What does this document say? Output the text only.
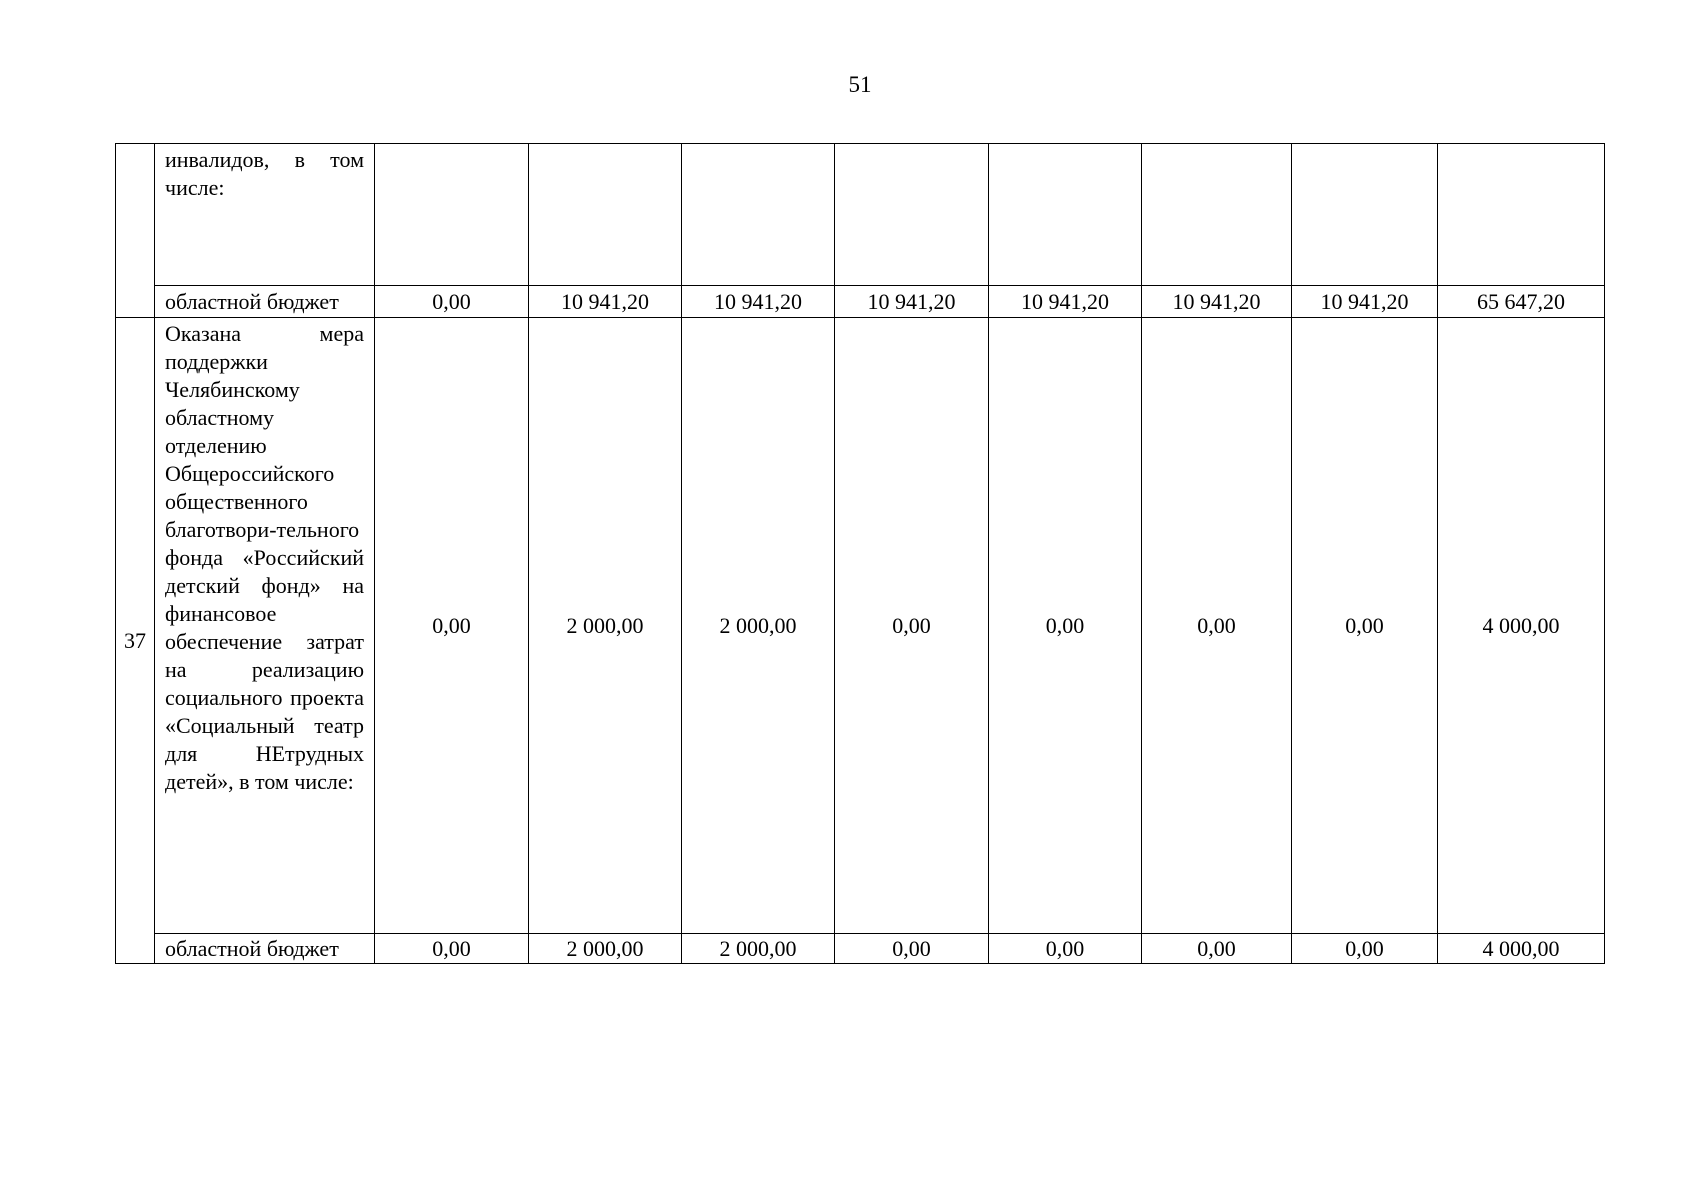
51
	инвалидов, в том числе:								
	областной бюджет	0,00	10 941,20	10 941,20	10 941,20	10 941,20	10 941,20	10 941,20	65 647,20
37	Оказана мера поддержки Челябинскому областному отделению Общероссийского общественного благотвори-тельного фонда «Российский детский фонд» на финансовое обеспечение затрат на реализацию социального проекта «Социальный театр для НЕтрудных детей», в том числе:	0,00	2 000,00	2 000,00	0,00	0,00	0,00	0,00	4 000,00
	областной бюджет	0,00	2 000,00	2 000,00	0,00	0,00	0,00	0,00	4 000,00
